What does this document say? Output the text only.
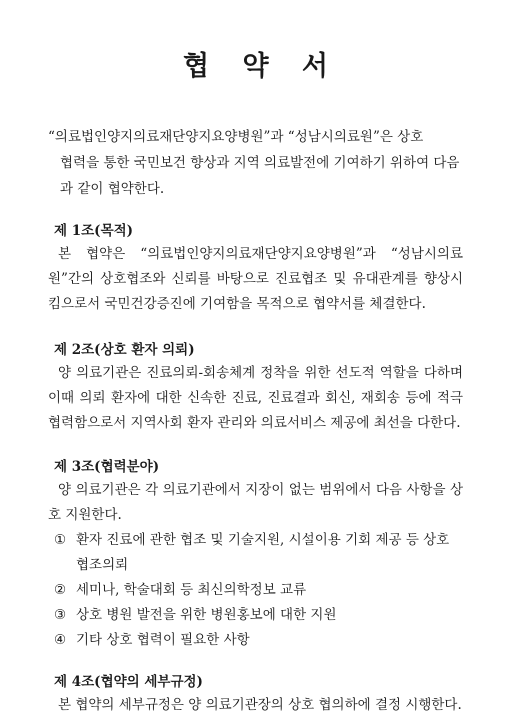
협 약 서
“의료법인양지의료재단양지요양병원”과 “성남시의료원”은 상호
협력을 통한 국민보건 향상과 지역 의료발전에 기여하기 위하여 다음과 같이 협약한다.
제 1조(목적)
본 협약은 “의료법인양지의료재단양지요양병원”과 “성남시의료원”간의 상호협조와 신뢰를 바탕으로 진료협조 및 유대관계를 향상시킴으로서 국민건강증진에 기여함을 목적으로 협약서를 체결한다.
제 2조(상호 환자 의뢰)
양 의료기관은 진료의뢰-회송체계 정착을 위한 선도적 역할을 다하며 이때 의뢰 환자에 대한 신속한 진료, 진료결과 회신, 재회송 등에 적극 협력함으로서 지역사회 환자 관리와 의료서비스 제공에 최선을 다한다.
제 3조(협력분야)
양 의료기관은 각 의료기관에서 지장이 없는 범위에서 다음 사항을 상호 지원한다.
① 환자 진료에 관한 협조 및 기술지원, 시설이용 기회 제공 등 상호 협조의뢰
② 세미나, 학술대회 등 최신의학정보 교류
③ 상호 병원 발전을 위한 병원홍보에 대한 지원
④ 기타 상호 협력이 필요한 사항
제 4조(협약의 세부규정)
본 협약의 세부규정은 양 의료기관장의 상호 협의하에 결정 시행한다.
